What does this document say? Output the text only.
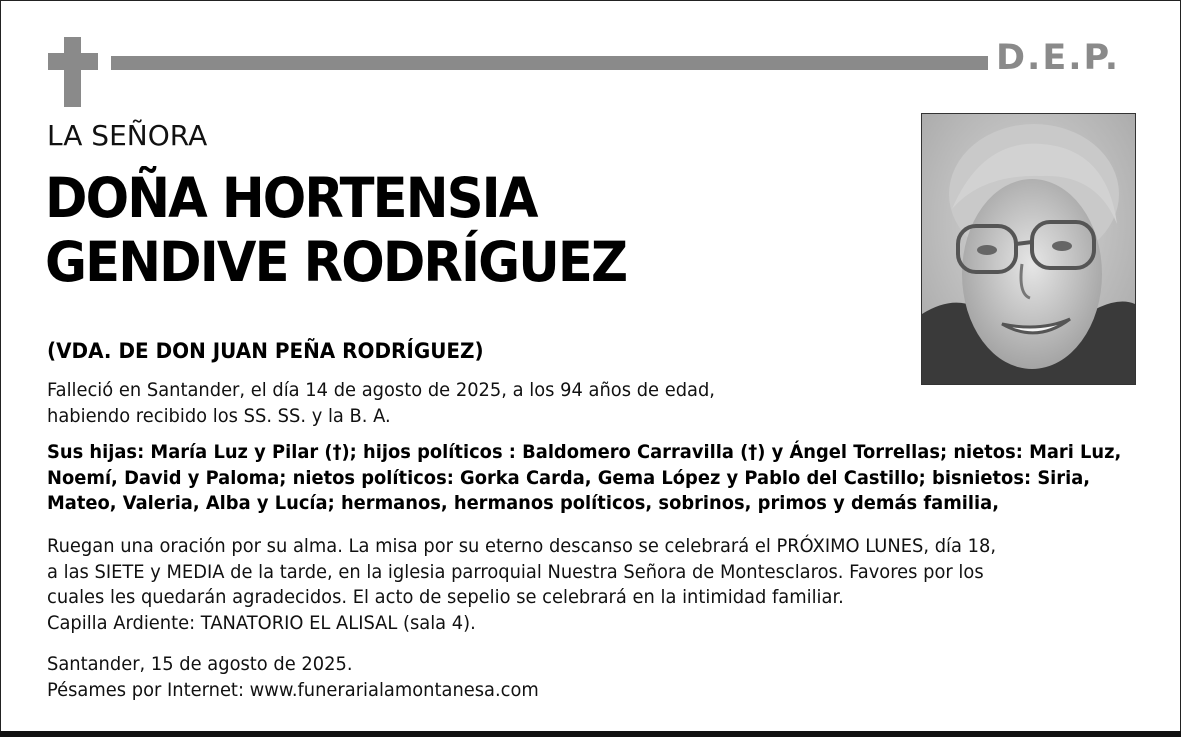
D.E.P.
LA SEÑORA
DOÑA HORTENSIA
GENDIVE RODRÍGUEZ
(VDA. DE DON JUAN PEÑA RODRÍGUEZ)
Falleció en Santander, el día 14 de agosto de 2025, a los 94 años de edad,
habiendo recibido los SS. SS. y la B. A.
Sus hijas: María Luz y Pilar (†); hijos políticos : Baldomero Carravilla (†) y Ángel Torrellas; nietos: Mari Luz,
Noemí, David y Paloma; nietos políticos: Gorka Carda, Gema López y Pablo del Castillo; bisnietos: Siria,
Mateo, Valeria, Alba y Lucía; hermanos, hermanos políticos, sobrinos, primos y demás familia,
Ruegan una oración por su alma. La misa por su eterno descanso se celebrará el PRÓXIMO LUNES, día 18,
a las SIETE y MEDIA de la tarde, en la iglesia parroquial Nuestra Señora de Montesclaros. Favores por los
cuales les quedarán agradecidos. El acto de sepelio se celebrará en la intimidad familiar.
Capilla Ardiente: TANATORIO EL ALISAL (sala 4).
Santander, 15 de agosto de 2025.
Pésames por Internet: www.funerarialamontanesa.com
